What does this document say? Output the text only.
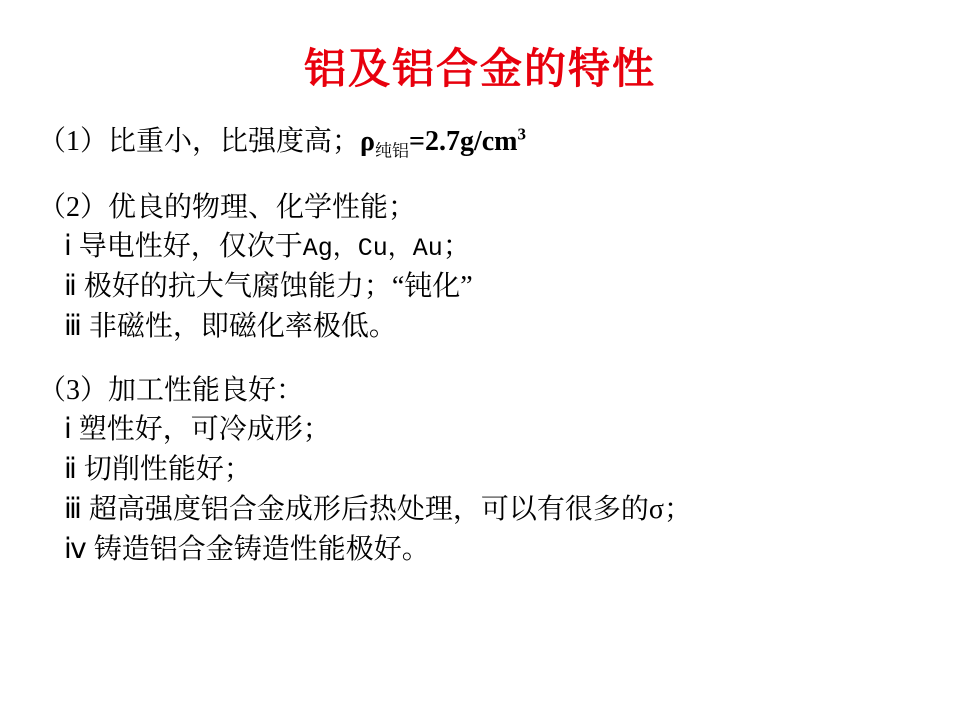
铝及铝合金的特性
（1）比重小，比强度高；$\rho_{纯铝}=2.7g/cm^3$
（2）优良的物理、化学性能；
ⅰ 导电性好，仅次于Ag，Cu，Au；
ⅱ 极好的抗大气腐蚀能力；“钝化”
ⅲ 非磁性，即磁化率极低。
（3）加工性能良好：
ⅰ 塑性好，可冷成形；
ⅱ 切削性能好；
ⅲ 超高强度铝合金成形后热处理，可以有很多的σ；
ⅳ 铸造铝合金铸造性能极好。
